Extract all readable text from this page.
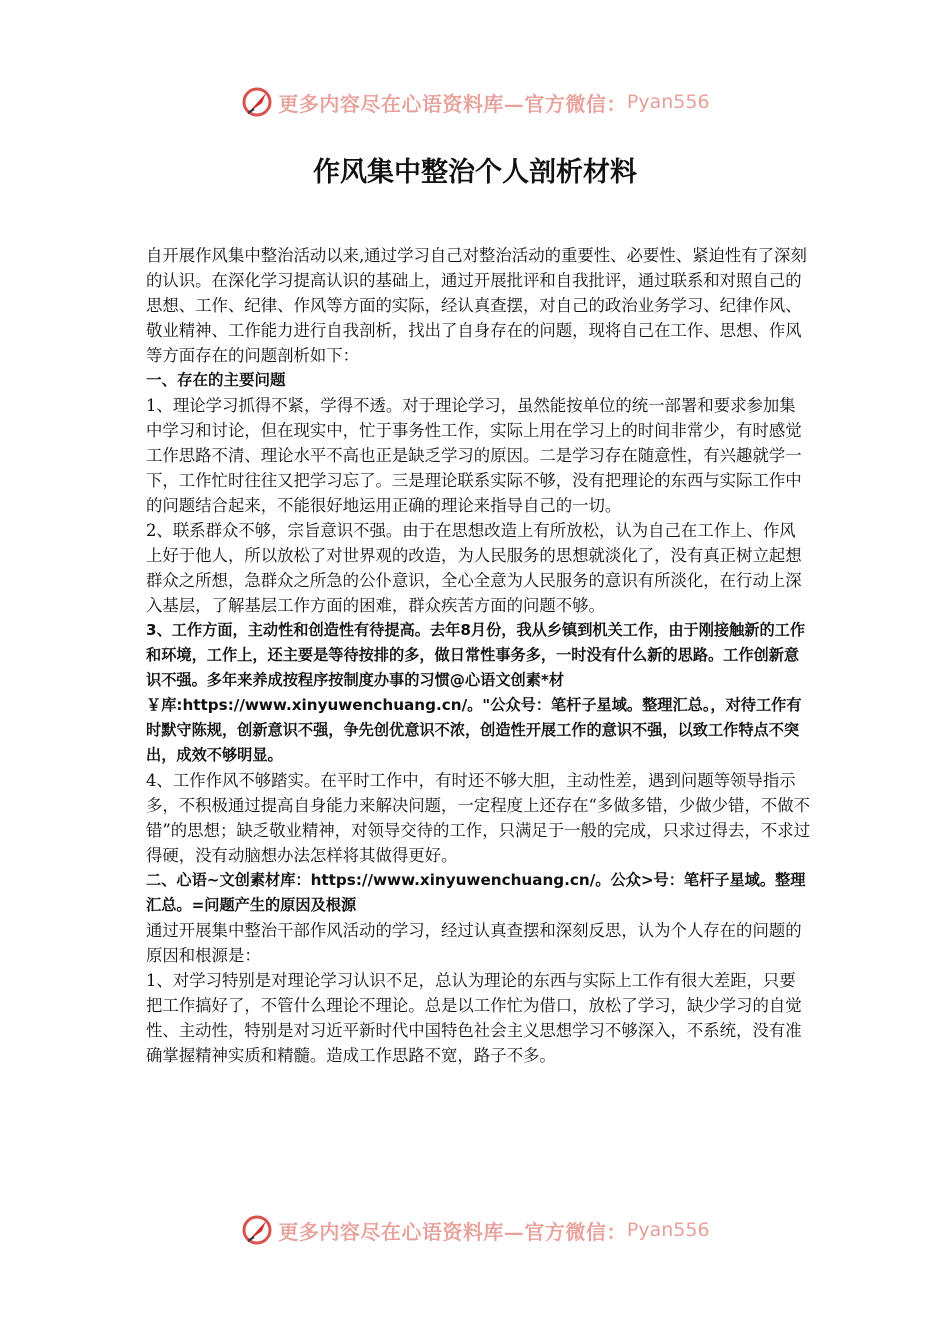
更多内容尽在心语资料库—官方微信： Pyan556
作风集中整治个人剖析材料

自开展作风集中整治活动以来,通过学习自己对整治活动的重要性、必要性、紧迫性有了深刻的认识。在深化学习提高认识的基础上，通过开展批评和自我批评，通过联系和对照自己的思想、工作、纪律、作风等方面的实际，经认真查摆，对自己的政治业务学习、纪律作风、敬业精神、工作能力进行自我剖析，找出了自身存在的问题，现将自己在工作、思想、作风等方面存在的问题剖析如下：

一、存在的主要问题

1、理论学习抓得不紧，学得不透。对于理论学习，虽然能按单位的统一部署和要求参加集中学习和讨论，但在现实中，忙于事务性工作，实际上用在学习上的时间非常少，有时感觉工作思路不清、理论水平不高也正是缺乏学习的原因。二是学习存在随意性，有兴趣就学一下，工作忙时往往又把学习忘了。三是理论联系实际不够，没有把理论的东西与实际工作中的问题结合起来，不能很好地运用正确的理论来指导自己的一切。

2、联系群众不够，宗旨意识不强。由于在思想改造上有所放松，认为自己在工作上、作风上好于他人，所以放松了对世界观的改造，为人民服务的思想就淡化了，没有真正树立起想群众之所想，急群众之所急的公仆意识，全心全意为人民服务的意识有所淡化，在行动上深入基层，了解基层工作方面的困难，群众疾苦方面的问题不够。

3、工作方面，主动性和创造性有待提高。去年8月份，我从乡镇到机关工作，由于刚接触新的工作和环境，工作上，还主要是等待按排的多，做日常性事务多，一时没有什么新的思路。工作创新意识不强。多年来养成按程序按制度办事的习惯@心语文创素*材￥库:https://www.xinyuwenchuang.cn/。"公众号：笔杆子星域。整理汇总。，对待工作有时默守陈规，创新意识不强，争先创优意识不浓，创造性开展工作的意识不强，以致工作特点不突出，成效不够明显。

4、工作作风不够踏实。在平时工作中，有时还不够大胆，主动性差，遇到问题等领导指示多，不积极通过提高自身能力来解决问题，一定程度上还存在“多做多错，少做少错，不做不错”的思想；缺乏敬业精神，对领导交待的工作，只满足于一般的完成，只求过得去，不求过得硬，没有动脑想办法怎样将其做得更好。

二、心语~文创素材库：https://www.xinyuwenchuang.cn/。公众>号：笔杆子星域。整理汇总。=问题产生的原因及根源

通过开展集中整治干部作风活动的学习，经过认真查摆和深刻反思，认为个人存在的问题的原因和根源是：

1、对学习特别是对理论学习认识不足，总认为理论的东西与实际上工作有很大差距，只要把工作搞好了，不管什么理论不理论。总是以工作忙为借口，放松了学习，缺少学习的自觉性、主动性，特别是对习近平新时代中国特色社会主义思想学习不够深入，不系统，没有准确掌握精神实质和精髓。造成工作思路不宽，路子不多。

更多内容尽在心语资料库—官方微信： Pyan556
